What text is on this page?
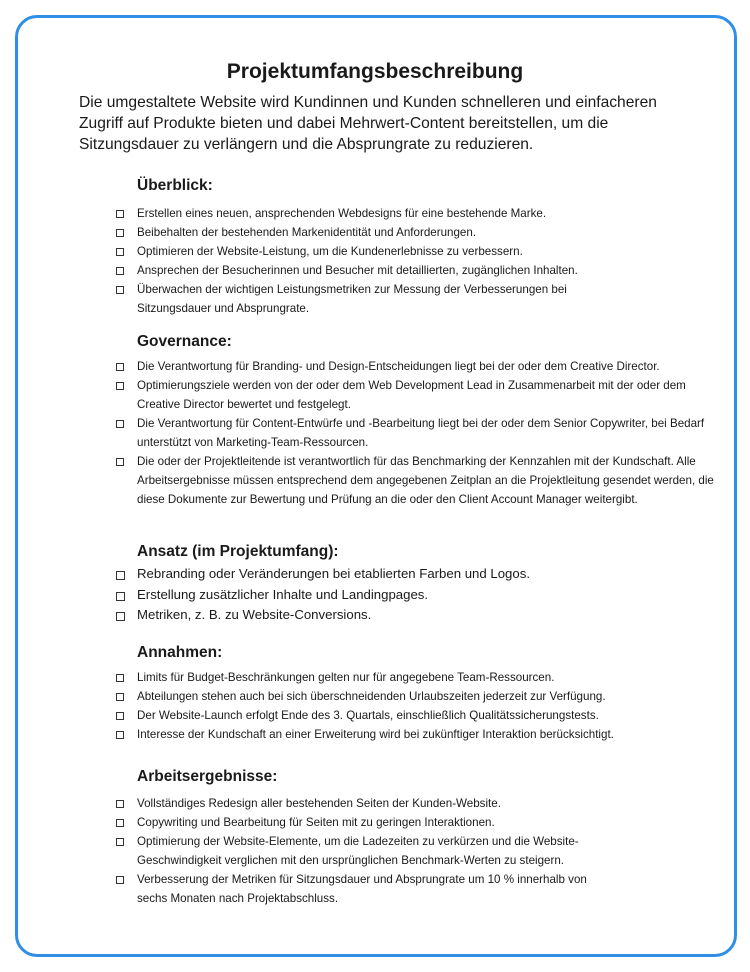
Projektumfangsbeschreibung
Die umgestaltete Website wird Kundinnen und Kunden schnelleren und einfacheren Zugriff auf Produkte bieten und dabei Mehrwert-Content bereitstellen, um die Sitzungsdauer zu verlängern und die Absprungrate zu reduzieren.
Überblick:
Erstellen eines neuen, ansprechenden Webdesigns für eine bestehende Marke.
Beibehalten der bestehenden Markenidentität und Anforderungen.
Optimieren der Website-Leistung, um die Kundenerlebnisse zu verbessern.
Ansprechen der Besucherinnen und Besucher mit detaillierten, zugänglichen Inhalten.
Überwachen der wichtigen Leistungsmetriken zur Messung der Verbesserungen bei Sitzungsdauer und Absprungrate.
Governance:
Die Verantwortung für Branding- und Design-Entscheidungen liegt bei der oder dem Creative Director.
Optimierungsziele werden von der oder dem Web Development Lead in Zusammenarbeit mit der oder dem Creative Director bewertet und festgelegt.
Die Verantwortung für Content-Entwürfe und -Bearbeitung liegt bei der oder dem Senior Copywriter, bei Bedarf unterstützt von Marketing-Team-Ressourcen.
Die oder der Projektleitende ist verantwortlich für das Benchmarking der Kennzahlen mit der Kundschaft. Alle Arbeitsergebnisse müssen entsprechend dem angegebenen Zeitplan an die Projektleitung gesendet werden, die diese Dokumente zur Bewertung und Prüfung an die oder den Client Account Manager weitergibt.
Ansatz (im Projektumfang):
Rebranding oder Veränderungen bei etablierten Farben und Logos.
Erstellung zusätzlicher Inhalte und Landingpages.
Metriken, z. B. zu Website-Conversions.
Annahmen:
Limits für Budget-Beschränkungen gelten nur für angegebene Team-Ressourcen.
Abteilungen stehen auch bei sich überschneidenden Urlaubszeiten jederzeit zur Verfügung.
Der Website-Launch erfolgt Ende des 3. Quartals, einschließlich Qualitätssicherungstests.
Interesse der Kundschaft an einer Erweiterung wird bei zukünftiger Interaktion berücksichtigt.
Arbeitsergebnisse:
Vollständiges Redesign aller bestehenden Seiten der Kunden-Website.
Copywriting und Bearbeitung für Seiten mit zu geringen Interaktionen.
Optimierung der Website-Elemente, um die Ladezeiten zu verkürzen und die Website-Geschwindigkeit verglichen mit den ursprünglichen Benchmark-Werten zu steigern.
Verbesserung der Metriken für Sitzungsdauer und Absprungrate um 10 % innerhalb von sechs Monaten nach Projektabschluss.
